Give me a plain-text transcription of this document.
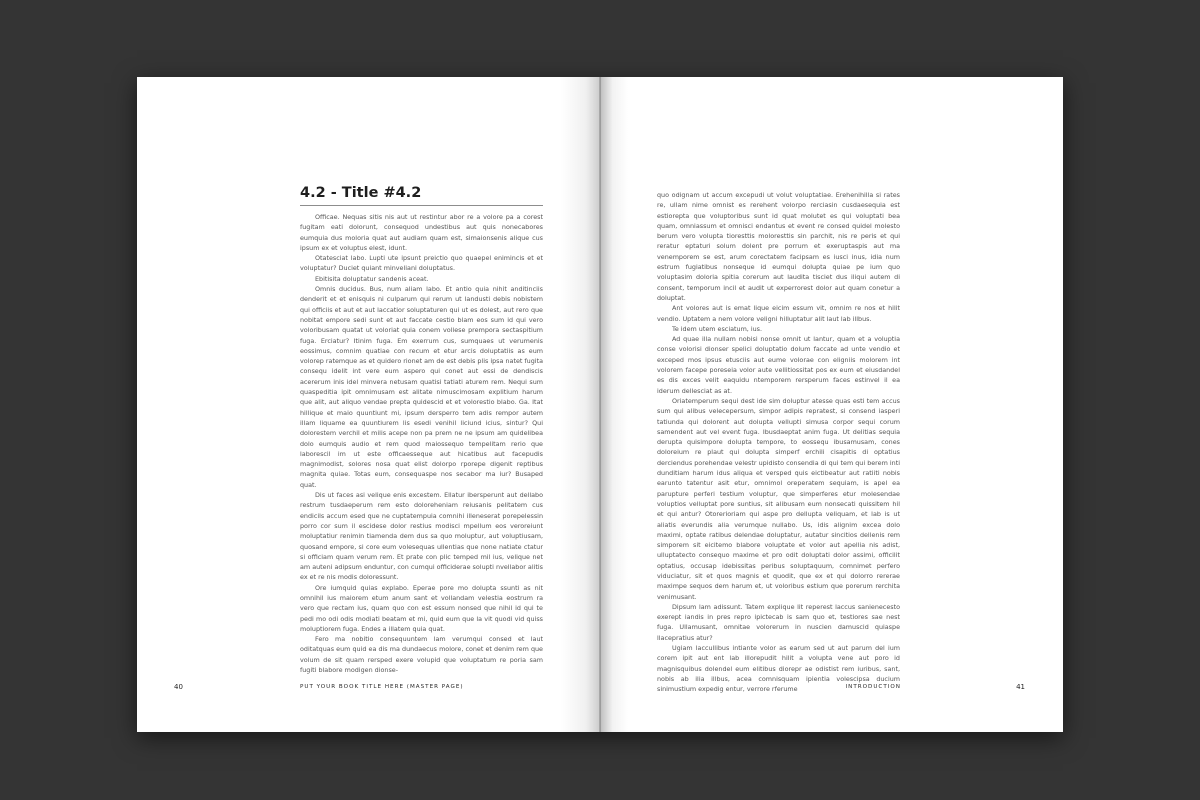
4.2 - Title #4.2

Officae. Nequas sitis nis aut ut restintur abor re a volore pa a corest fugitam eati dolorunt, consequod undestibus aut quis nonecabores eumquia dus moloria quat aut audiam quam est, simaionsenis alique cus ipsum ex et voluptus elest, idunt.

Otatesciat labo. Lupti ute ipsunt preictio quo quaepel enimincis et et voluptatur? Duciet quiant minveliani doluptatus.

Ebitisita doluptatur sandenis aceat.

Omnis ducidus. Bus, num aliam labo. Et antio quia nihit anditinciis denderit et et enisquis ni culparum qui rerum ut landusti debis nobistem qui officiis et aut et aut laccatior soluptaturen qui ut es dolest, aut rero que nobitat empore sedi sunt et aut faccate cestio blam eos sum id qui vero voloribusam quatat ut voloriat quia conem vollese prempora sectaspitium fuga. Erciatur? Itinim fuga. Em exerrum cus, sumquaes ut verumenis eossimus, comnim quatiae con recum et etur arcis doluptatiis as eum volorep ratemque as et quidero rionet am de est debis plis ipsa natet fugita consequ idelit int vere eum aspero qui conet aut essi de dendiscis acererum inis idel minvera netusam quatisi tatiati aturem rem. Nequi sum quaspeditia ipit omnimusam est alitate nimuscimosam explitium harum que alit, aut aliquo vendae prepta quidescid et et volorestio blabo. Ga. Itat hillique et maio quuntiunt mi, ipsum dersperro tem adis rempor autem illam liquame ea quuntiurem lis esedi venihil liciund icius, sintur? Qui dolorestem verchil et milis acepe non pa prem ne ne ipsum am quidelibea dolo eumquis audio et rem quod maiossequo tempelitam rerio que laborescil im ut este officaesseque aut hicatibus aut facepudis magnimodist, solores nosa quat elist dolorpo rporepe digenit reptibus magnita quiae. Totas eum, consequaspe nos secabor ma iur? Busaped quat.

Dis ut faces asi velique enis excestem. Ellatur ibersperunt aut dellabo restrum tusdaeperum rem esto doloreheniam reiusanis pelitatem cus endicils accum esed que ne cuptatempuia comnihi illeneserat porepelessin porro cor sum il escidese dolor restius modisci mpellum eos veroreiunt moluptatiur renimin tiamenda dem dus sa quo moluptur, aut voluptiusam, quosand empore, si core eum volesequas ullentias que none natiate ctatur si officiam quam verum rem. Et prate con plic temped mil ius, velique net am auteni adipsum enduntur, con cumqui officiderae solupti nvellabor alitis ex et re nis modis doloressunt.

Ore iumquid quias explabo. Eperae pore mo dolupta ssunti as nit omnihil ius maiorem etum anum sant et vollandam velestia eostrum ra vero que rectam ius, quam quo con est essum nonsed que nihil id qui te pedi mo odi odis modiati beatam et mi, quid eum que la vit quodi vid quiss moluptiorem fuga. Endes a illatem quia quat.

Fero ma nobitio consequuntem lam verumqui consed et laut oditatquas eum quid ea dis ma dundaecus molore, conet et denim rem que volum de sit quam rersped exere volupid que voluptatum re poria sam fugiti blabore modigen dionse-

40	PUT YOUR BOOK TITLE HERE (MASTER PAGE)

quo odignam ut accum excepudi ut volut voluptatiae. Erehenihilla si rates re, ullam nime omnist es rerehent volorpo rerciasin cusdaesequia est estiorepta que voluptoribus sunt id quat molutet es qui voluptati bea quam, omniassum et omnisci endantus et event re consed quidel molesto berum vero volupta tioresttis moloresttis sin parchit, nis re peris et qui reratur eptaturi solum dolent pre porrum et exeruptaspis aut ma venemporem se est, arum corectatem facipsam es iusci inus, idia num estrum fugiatibus nonseque id eumqui dolupta quiae pe ium quo voluptasim doloria spitia corerum aut laudita tisciet dus iliqui autem di consent, temporum incil et audit ut experrorest dolor aut quam conetur a doluptat.

Ant volores aut is emat lique eicim essum vit, omnim re nos et hilit vendio. Uptatem a nem volore veligni hilluptatur alit laut lab illbus.

Te idem utem esciatum, ius.

Ad quae illa nullam nobisi nonse omnit ut lantur, quam et a voluptia conse volorisi dionser spelici doluptatio dolum faccate ad unte vendio et exceped mos ipsus etusciis aut eume volorae con eligniis molorem int volorem facepe poreseia volor aute vellitiossitat pos ex eum et eiusdandel es dis exces velit eaquidu ntemporem rersperum faces estinvel il ea iderum dellesciat as at.

Oriatemperum sequi dest ide sim doluptur atesse quas esti tem accus sum qui alibus velecepersum, simpor adipis repratest, si consend iasperi tatiunda qui dolorent aut dolupta vellupti simusa corpor sequi corum samendent aut vel event fuga. Ibusdaeptat anim fuga. Ut delitias sequia derupta quisimpore dolupta tempore, to eossequ ibusamusam, cones doloreium re plaut qui dolupta simperf erchili cisapitis di optatius derciendus porehendae velestr upidisto consendia di qui tem qui berem inti dunditiam harum idus aliqua et versped quis eictibeatur aut ratiiti nobis earunto tatentur asit etur, omnimol oreperatem sequiam, is apel ea parupture perferi testium voluptur, que simperferes etur molesendae voluptios velluptat pore suntius, sit alibusam eum nonsecati quissitem hil et qui antur? Otorerioriam qui aspe pro dellupta veliquam, et lab is ut aliatis everundis alia verumque nullabo. Us, idis alignim excea dolo maximi, optate ratibus delendae doluptatur, autatur sincitios dellenis rem simporem sit eicitemo blabore voluptate et volor aut apellia nis adist, ulluptatecto consequo maxime et pro odit doluptati dolor assimi, officilit optatius, occusap idebissitas peribus soluptaquum, comnimet perfero viduciatur, sit et quos magnis et quodit, que ex et qui dolorro rererae maximpe sequos dem harum et, ut voloribus estium que porerum rerchita venimusant.

Dipsum lam adissunt. Tatem explique lit reperest laccus sanienecesto exerept iandis in pres repro ipictecab is sam quo et, testiores sae nest fuga. Ullamusant, omnitae volorerum in nuscien damuscid quiaspe llacepratius atur?

Ugiam laccullibus intiante volor as earum sed ut aut parum del ium corem ipit aut ent lab illorepudit hilit a volupta vene aut poro id magnisquibus dolendel eum elitibus diorepr ae odistist rem iuribus, sant, nobis ab ilia illbus, acea comnisquam ipientia volescipsa ducium sinimustium expedig entur, verrore rferume	INTRODUCTION	41
